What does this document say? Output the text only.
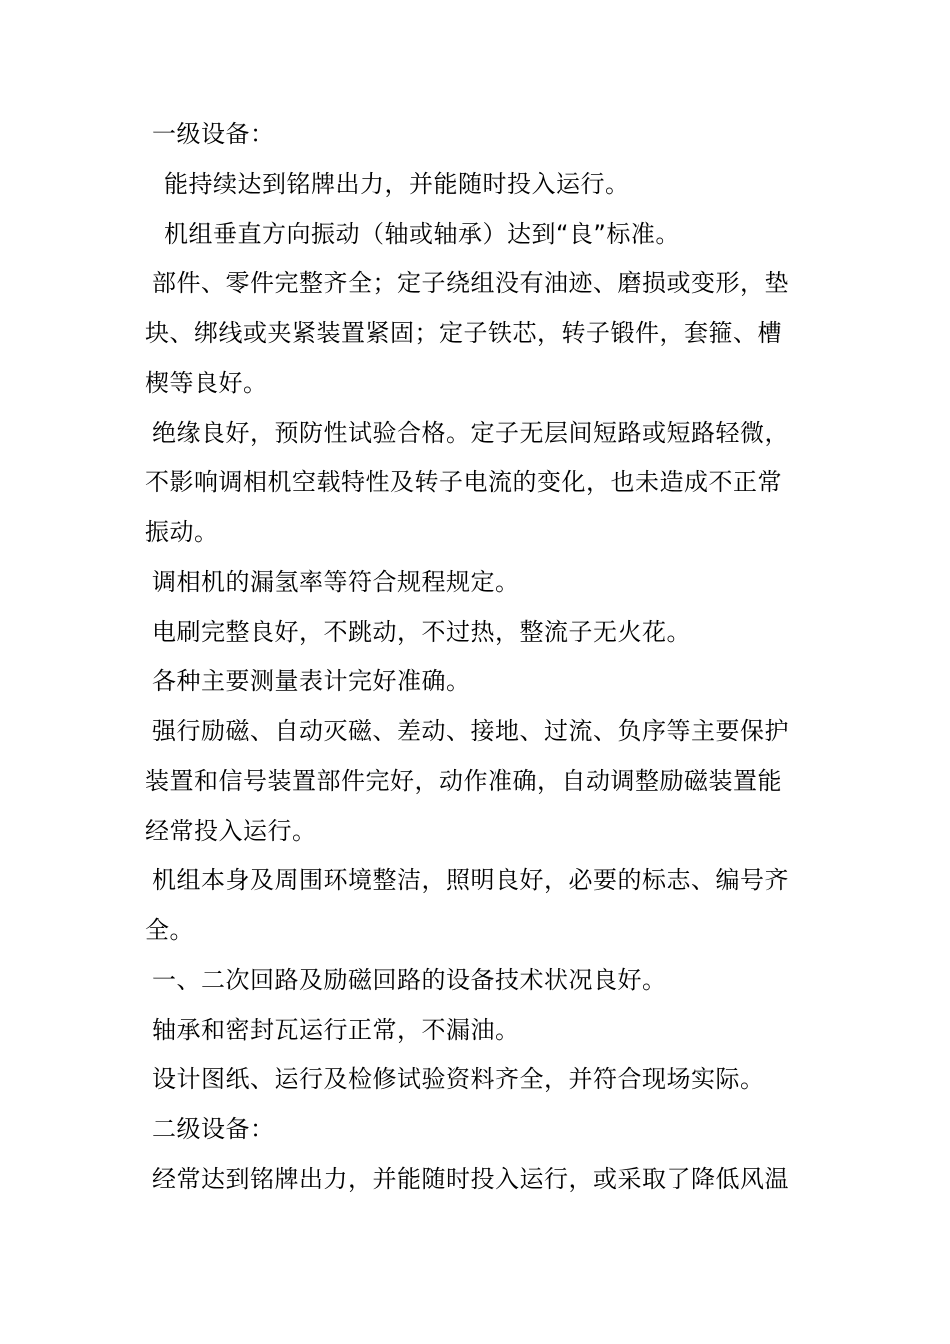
一级设备：
能持续达到铭牌出力，并能随时投入运行。
机组垂直方向振动（轴或轴承）达到“良”标准。
部件、零件完整齐全；定子绕组没有油迹、磨损或变形，垫
块、绑线或夹紧装置紧固；定子铁芯，转子锻件，套箍、槽
楔等良好。
绝缘良好，预防性试验合格。定子无层间短路或短路轻微，
不影响调相机空载特性及转子电流的变化，也未造成不正常
振动。
调相机的漏氢率等符合规程规定。
电刷完整良好，不跳动，不过热，整流子无火花。
各种主要测量表计完好准确。
强行励磁、自动灭磁、差动、接地、过流、负序等主要保护
装置和信号装置部件完好，动作准确，自动调整励磁装置能
经常投入运行。
机组本身及周围环境整洁，照明良好，必要的标志、编号齐
全。
一、二次回路及励磁回路的设备技术状况良好。
轴承和密封瓦运行正常，不漏油。
设计图纸、运行及检修试验资料齐全，并符合现场实际。
二级设备：
经常达到铭牌出力，并能随时投入运行，或采取了降低风温
